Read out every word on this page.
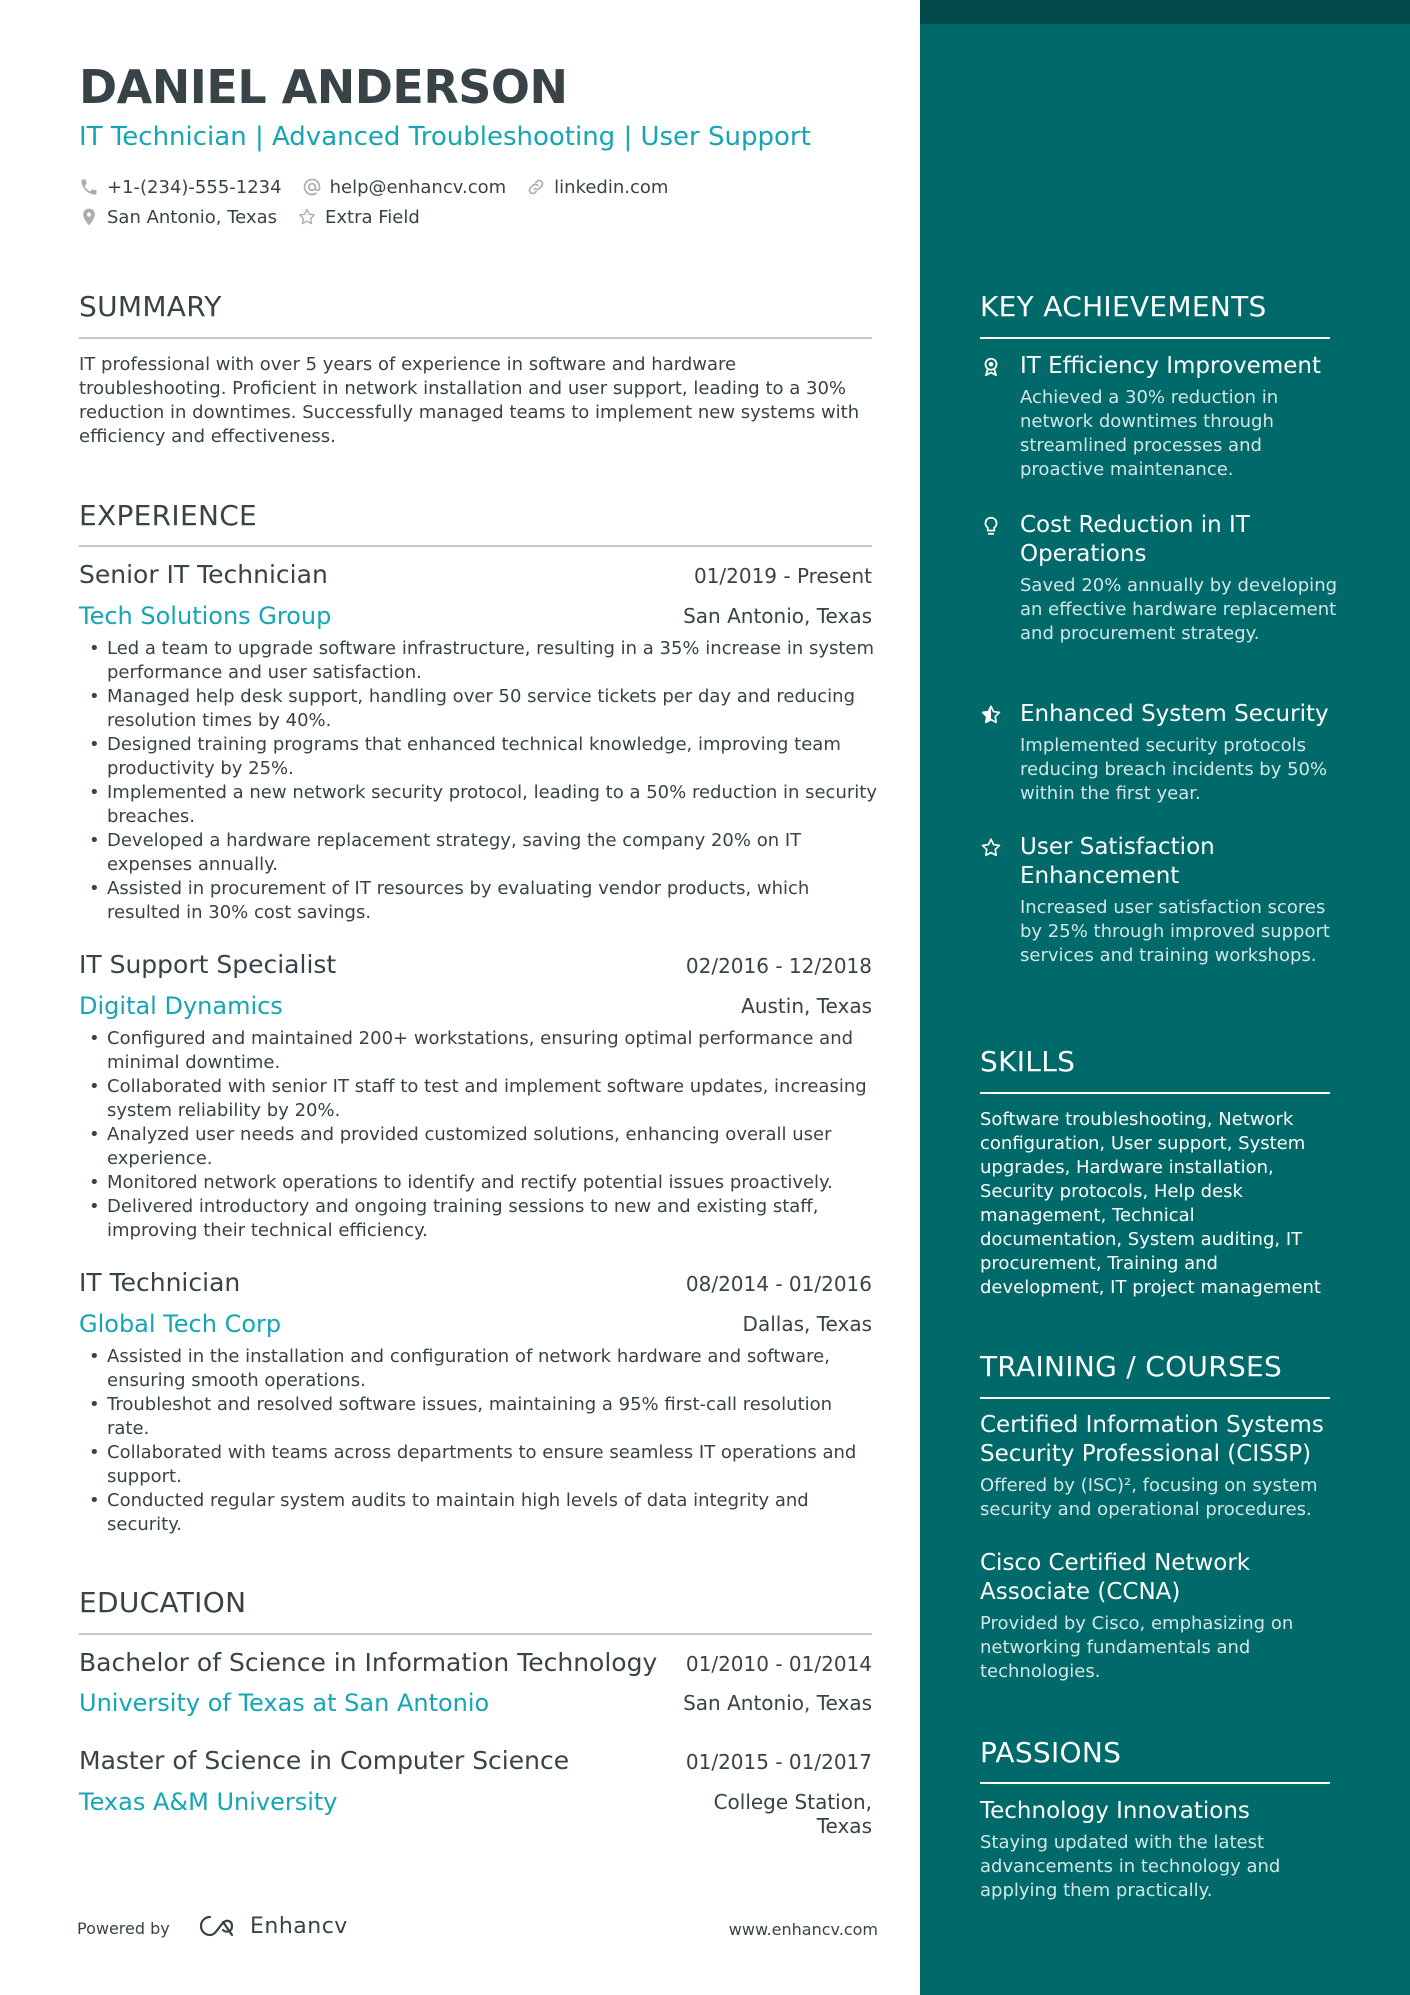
DANIEL ANDERSON
IT Technician | Advanced Troubleshooting | User Support
+1-(234)-555-1234	help@enhancv.com	linkedin.com
San Antonio, Texas	Extra Field
SUMMARY
IT professional with over 5 years of experience in software and hardware troubleshooting. Proficient in network installation and user support, leading to a 30% reduction in downtimes. Successfully managed teams to implement new systems with efficiency and effectiveness.
EXPERIENCE
Senior IT Technician	01/2019 - Present
Tech Solutions Group	San Antonio, Texas
• Led a team to upgrade software infrastructure, resulting in a 35% increase in system performance and user satisfaction.
• Managed help desk support, handling over 50 service tickets per day and reducing resolution times by 40%.
• Designed training programs that enhanced technical knowledge, improving team productivity by 25%.
• Implemented a new network security protocol, leading to a 50% reduction in security breaches.
• Developed a hardware replacement strategy, saving the company 20% on IT expenses annually.
• Assisted in procurement of IT resources by evaluating vendor products, which resulted in 30% cost savings.
IT Support Specialist	02/2016 - 12/2018
Digital Dynamics	Austin, Texas
• Configured and maintained 200+ workstations, ensuring optimal performance and minimal downtime.
• Collaborated with senior IT staff to test and implement software updates, increasing system reliability by 20%.
• Analyzed user needs and provided customized solutions, enhancing overall user experience.
• Monitored network operations to identify and rectify potential issues proactively.
• Delivered introductory and ongoing training sessions to new and existing staff, improving their technical efficiency.
IT Technician	08/2014 - 01/2016
Global Tech Corp	Dallas, Texas
• Assisted in the installation and configuration of network hardware and software, ensuring smooth operations.
• Troubleshot and resolved software issues, maintaining a 95% first-call resolution rate.
• Collaborated with teams across departments to ensure seamless IT operations and support.
• Conducted regular system audits to maintain high levels of data integrity and security.
EDUCATION
Bachelor of Science in Information Technology 01/2010 - 01/2014
University of Texas at San Antonio	San Antonio, Texas
Master of Science in Computer Science	01/2015 - 01/2017
Texas A&M University	College Station, Texas
Powered by	Enhancv	www.enhancv.com
KEY ACHIEVEMENTS
IT Efficiency Improvement
Achieved a 30% reduction in network downtimes through streamlined processes and proactive maintenance.
Cost Reduction in IT Operations
Saved 20% annually by developing an effective hardware replacement and procurement strategy.
Enhanced System Security
Implemented security protocols reducing breach incidents by 50% within the first year.
User Satisfaction Enhancement
Increased user satisfaction scores by 25% through improved support services and training workshops.
SKILLS
Software troubleshooting, Network configuration, User support, System upgrades, Hardware installation, Security protocols, Help desk management, Technical documentation, System auditing, IT procurement, Training and development, IT project management
TRAINING / COURSES
Certified Information Systems Security Professional (CISSP)
Offered by (ISC)², focusing on system security and operational procedures.
Cisco Certified Network Associate (CCNA)
Provided by Cisco, emphasizing on networking fundamentals and technologies.
PASSIONS
Technology Innovations
Staying updated with the latest advancements in technology and applying them practically.
